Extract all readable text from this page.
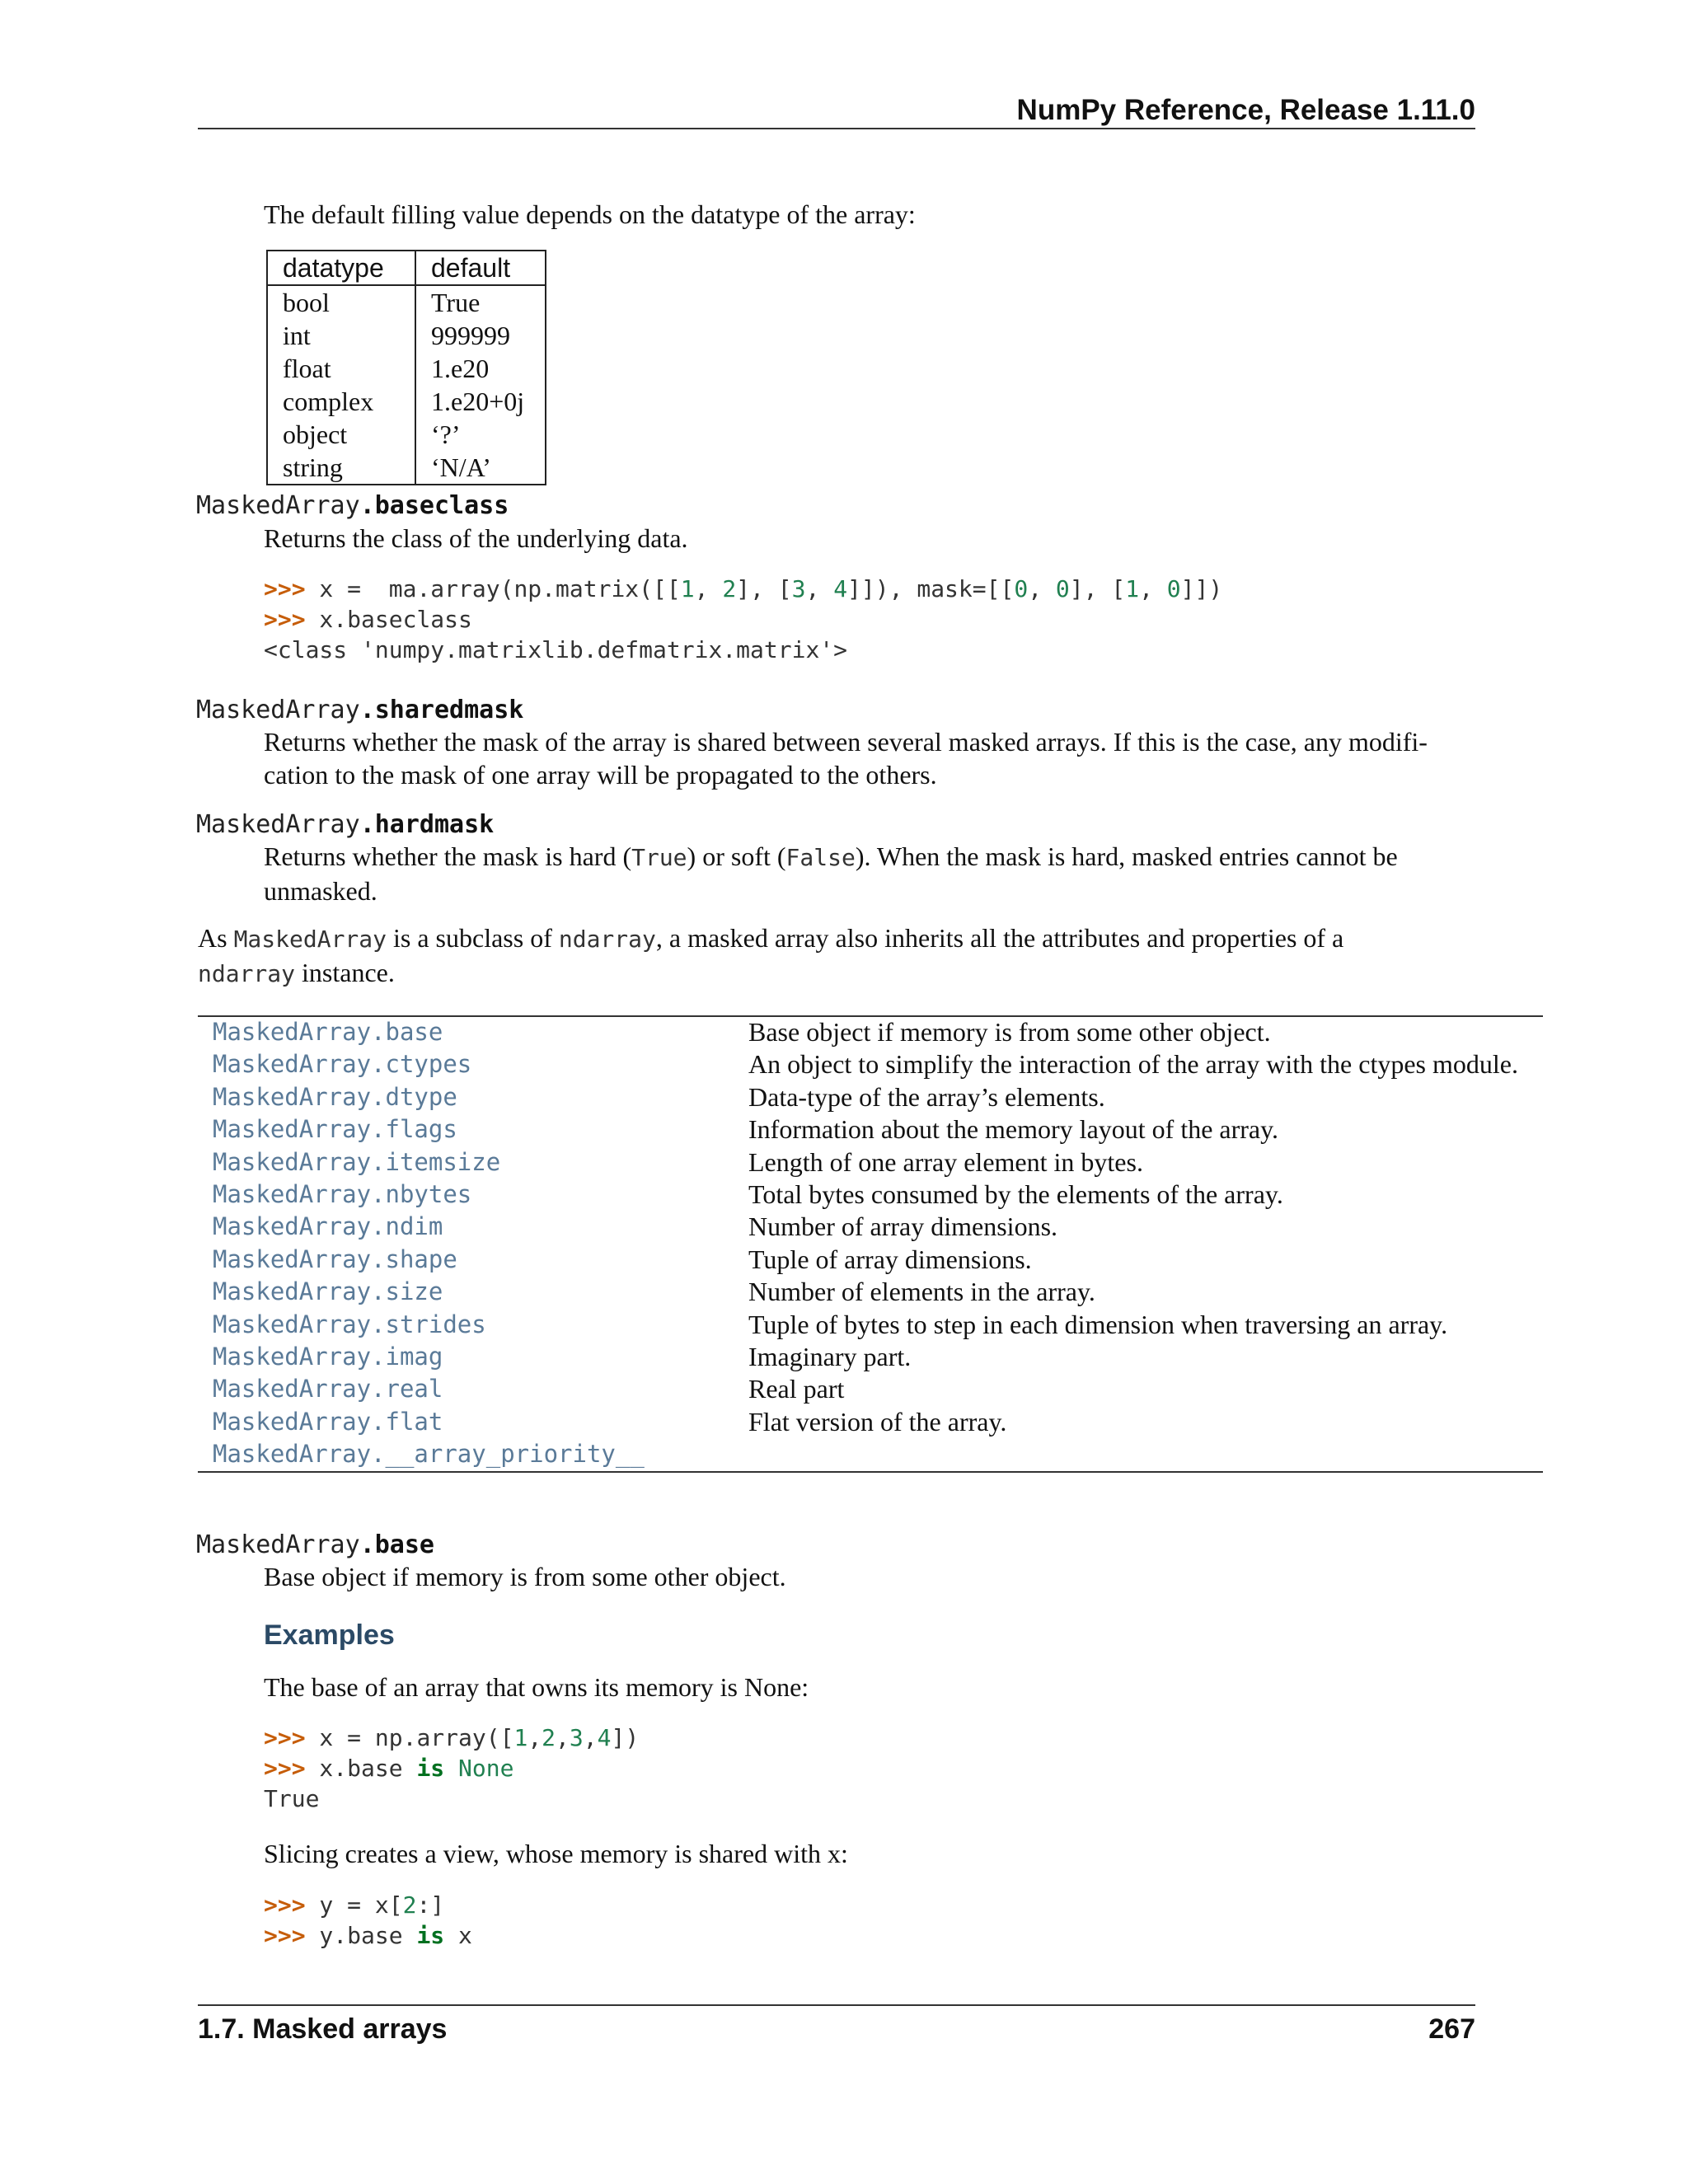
NumPy Reference, Release 1.11.0
The default filling value depends on the datatype of the array:
datatype	default
bool	True
int	999999
float	1.e20
complex	1.e20+0j
object	‘?’
string	‘N/A’
MaskedArray.baseclass
Returns the class of the underlying data.
>>> x =  ma.array(np.matrix([[1, 2], [3, 4]]), mask=[[0, 0], [1, 0]])
>>> x.baseclass
<class 'numpy.matrixlib.defmatrix.matrix'>
MaskedArray.sharedmask
Returns whether the mask of the array is shared between several masked arrays. If this is the case, any modifi-
cation to the mask of one array will be propagated to the others.
MaskedArray.hardmask
Returns whether the mask is hard (True) or soft (False). When the mask is hard, masked entries cannot be
unmasked.
As MaskedArray is a subclass of ndarray, a masked array also inherits all the attributes and properties of a
ndarray instance.
MaskedArray.base	Base object if memory is from some other object.
MaskedArray.ctypes	An object to simplify the interaction of the array with the ctypes module.
MaskedArray.dtype	Data-type of the array’s elements.
MaskedArray.flags	Information about the memory layout of the array.
MaskedArray.itemsize	Length of one array element in bytes.
MaskedArray.nbytes	Total bytes consumed by the elements of the array.
MaskedArray.ndim	Number of array dimensions.
MaskedArray.shape	Tuple of array dimensions.
MaskedArray.size	Number of elements in the array.
MaskedArray.strides	Tuple of bytes to step in each dimension when traversing an array.
MaskedArray.imag	Imaginary part.
MaskedArray.real	Real part
MaskedArray.flat	Flat version of the array.
MaskedArray.__array_priority__	
MaskedArray.base
Base object if memory is from some other object.
Examples
The base of an array that owns its memory is None:
>>> x = np.array([1,2,3,4])
>>> x.base is None
True
Slicing creates a view, whose memory is shared with x:
>>> y = x[2:]
>>> y.base is x
1.7. Masked arrays	267
